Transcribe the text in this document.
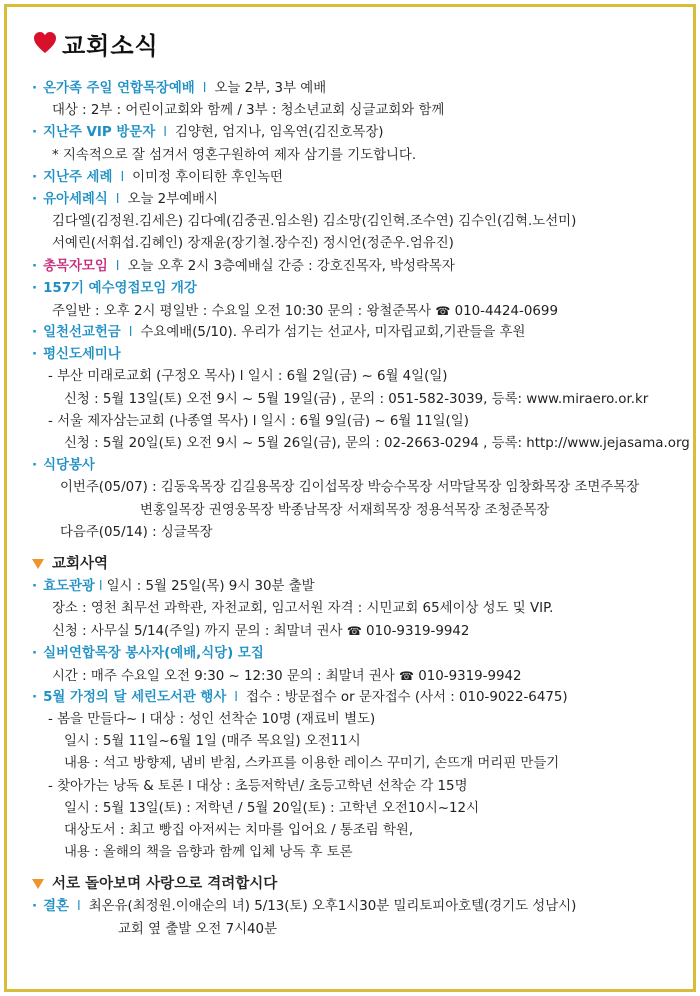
교회소식
· 온가족 주일 연합목장예배 l 오늘 2부, 3부 예배
대상 : 2부 : 어린이교회와 함께 / 3부 : 청소년교회 싱글교회와 함께
· 지난주 VIP 방문자 l 김양현, 엄지나, 임옥연(김진호목장)
* 지속적으로 잘 섬겨서 영혼구원하여 제자 삼기를 기도합니다.
· 지난주 세례 l 이미정 후이티한 후인녹떤
· 유아세례식 l 오늘 2부예배시
김다엘(김정원.김세은) 김다예(김중권.임소원) 김소망(김인혁.조수연) 김수인(김혁.노선미)
서예린(서휘섭.김혜인) 장재윤(장기철.장수진) 정시언(정준우.엄유진)
· 총목자모임 l 오늘 오후 2시 3층예배실 간증 : 강호진목자, 박성락목자
· 157기 예수영접모임 개강
주일반 : 오후 2시 평일반 : 수요일 오전 10:30 문의 : 왕철준목사 ☎ 010-4424-0699
· 일천선교헌금 l 수요예배(5/10). 우리가 섬기는 선교사, 미자립교회,기관들을 후원
· 평신도세미나
- 부산 미래로교회 (구정오 목사) l 일시 : 6월 2일(금) ~ 6월 4일(일)
신청 : 5월 13일(토) 오전 9시 ~ 5월 19일(금) , 문의 : 051-582-3039, 등록: www.miraero.or.kr
- 서울 제자삼는교회 (나종열 목사) l 일시 : 6월 9일(금) ~ 6월 11일(일)
신청 : 5월 20일(토) 오전 9시 ~ 5월 26일(금), 문의 : 02-2663-0294 , 등록: http://www.jejasama.org
· 식당봉사
이번주(05/07) : 김동욱목장 김길용목장 김이섭목장 박승수목장 서막달목장 임창화목장 조면주목장
변홍일목장 권영웅목장 박종남목장 서재희목장 정용석목장 조청준목장
다음주(05/14) : 싱글목장
교회사역
· 효도관광 l 일시 : 5월 25일(목) 9시 30분 출발
장소 : 영천 최무선 과학관, 자천교회, 임고서원 자격 : 시민교회 65세이상 성도 및 VIP.
신청 : 사무실 5/14(주일) 까지 문의 : 최말녀 권사 ☎ 010-9319-9942
· 실버연합목장 봉사자(예배,식당) 모집
시간 : 매주 수요일 오전 9:30 ~ 12:30 문의 : 최말녀 권사 ☎ 010-9319-9942
· 5월 가정의 달 세린도서관 행사 l 접수 : 방문접수 or 문자접수 (사서 : 010-9022-6475)
- 봄을 만들다~ l 대상 : 성인 선착순 10명 (재료비 별도)
일시 : 5월 11일~6월 1일 (매주 목요일) 오전11시
내용 : 석고 방향제, 냄비 받침, 스카프를 이용한 레이스 꾸미기, 손뜨개 머리핀 만들기
- 찾아가는 낭독 & 토론 l 대상 : 초등저학년/ 초등고학년 선착순 각 15명
일시 : 5월 13일(토) : 저학년 / 5월 20일(토) : 고학년 오전10시~12시
대상도서 : 최고 빵집 아저씨는 치마를 입어요 / 통조림 학원,
내용 : 올해의 책을 음향과 함께 입체 낭독 후 토론
서로 돌아보며 사랑으로 격려합시다
· 결혼 l 최온유(최정원.이애순의 녀) 5/13(토) 오후1시30분 밀리토피아호텔(경기도 성남시)
교회 옆 출발 오전 7시40분
